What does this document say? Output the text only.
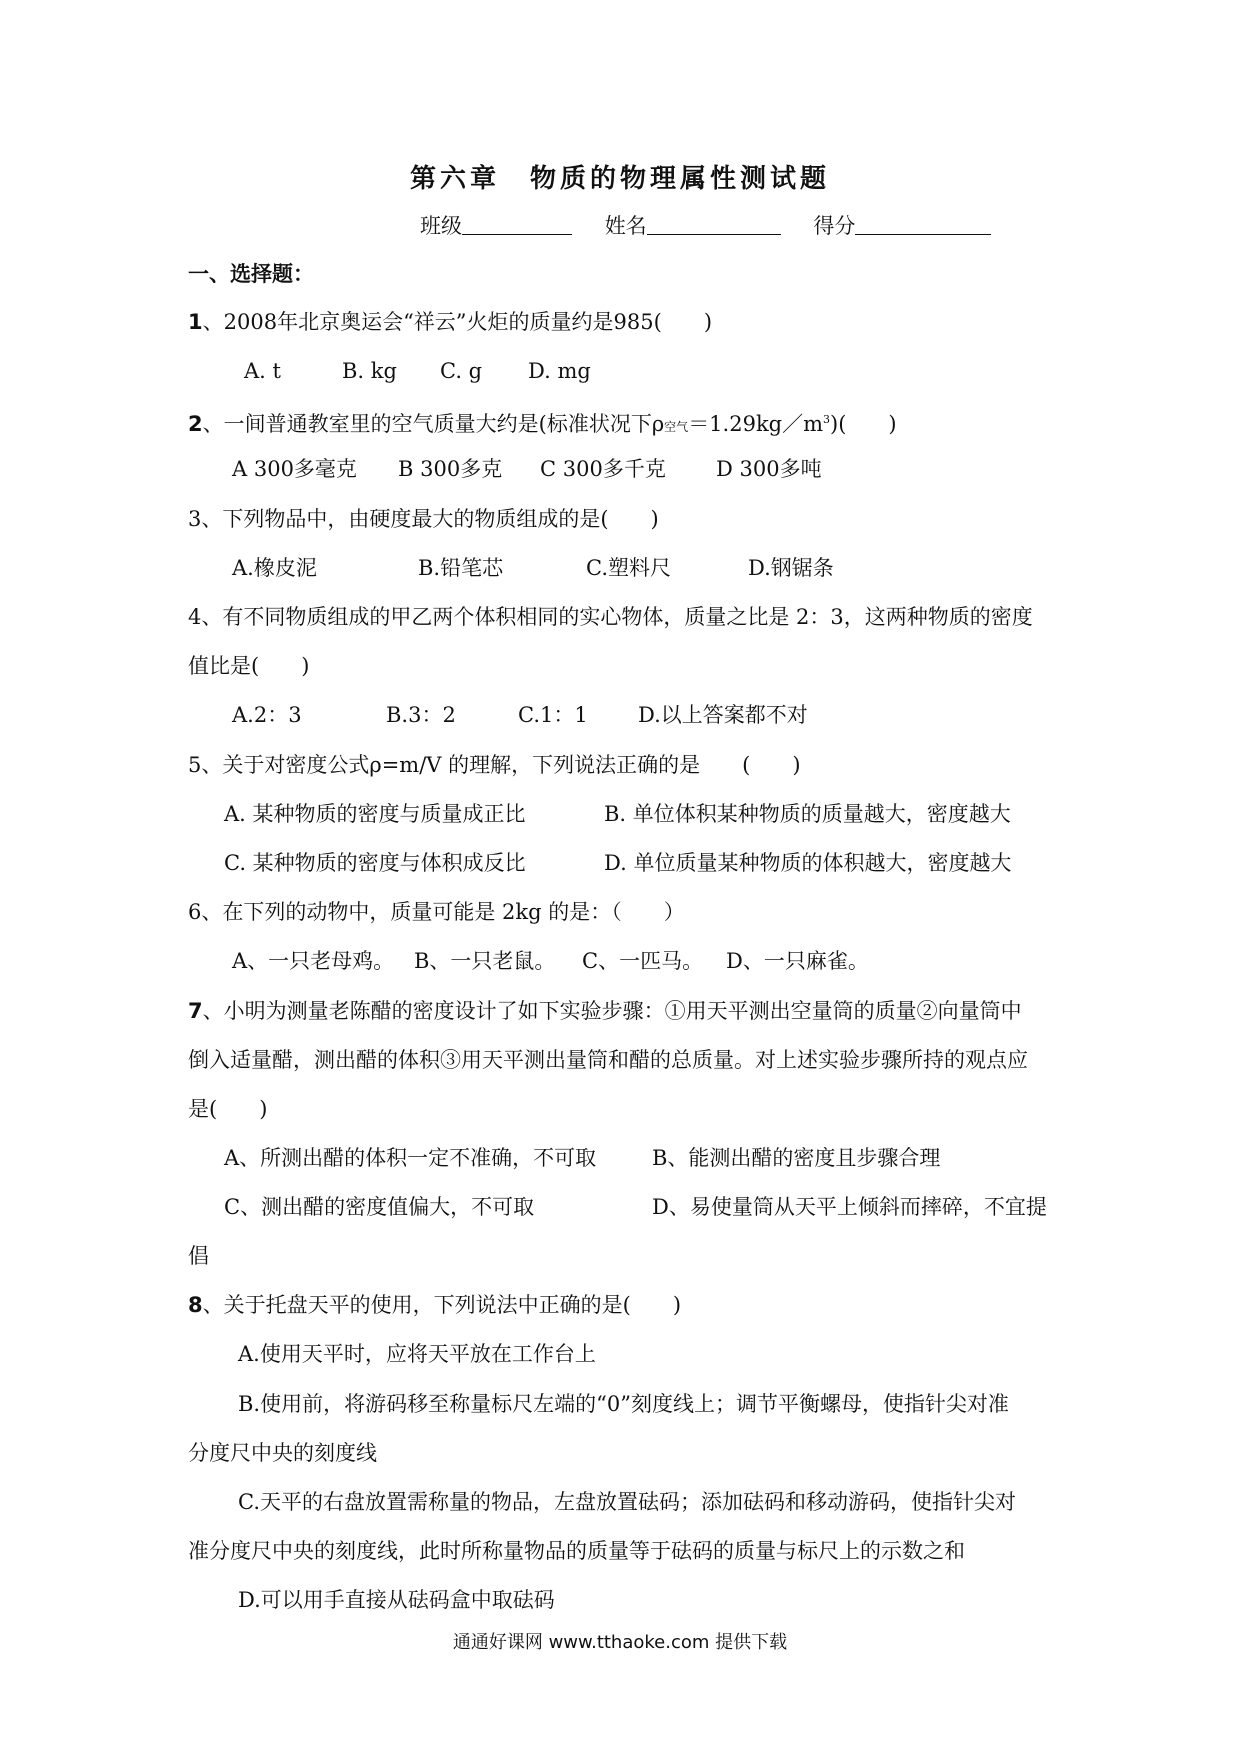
第六章　物质的物理属性测试题
班级	姓名	得分
一、选择题：
1、2008年北京奥运会“祥云”火炬的质量约是985(　　)
A. t	B. kg C. g D. mg
2、一间普通教室里的空气质量大约是(标准状况下ρ空气$=1.29kg/m^3$)(　　)
A 300多毫克 B 300多克 C 300多千克 D 300多吨
3、下列物品中，由硬度最大的物质组成的是(　　)
A.橡皮泥	B.铅笔芯	C.塑料尺	D.钢锯条
4、有不同物质组成的甲乙两个体积相同的实心物体，质量之比是 2：3，这两种物质的密度
值比是(　　)
A.2：3	B.3：2	C.1：1 D.以上答案都不对
5、关于对密度公式ρ=m/V 的理解，下列说法正确的是　　(　　)
A. 某种物质的密度与质量成正比	B. 单位体积某种物质的质量越大，密度越大
C. 某种物质的密度与体积成反比	D. 单位质量某种物质的体积越大，密度越大
6、在下列的动物中，质量可能是 2kg 的是：（　　）
A、一只老母鸡。 B、一只老鼠。 C、一匹马。 D、一只麻雀。
7、小明为测量老陈醋的密度设计了如下实验步骤：①用天平测出空量筒的质量②向量筒中
倒入适量醋，测出醋的体积③用天平测出量筒和醋的总质量。对上述实验步骤所持的观点应
是(　　)
A、所测出醋的体积一定不准确，不可取	B、能测出醋的密度且步骤合理
C、测出醋的密度值偏大，不可取	D、易使量筒从天平上倾斜而摔碎，不宜提
倡
8、关于托盘天平的使用，下列说法中正确的是(　　)
A.使用天平时，应将天平放在工作台上
B.使用前，将游码移至称量标尺左端的“0”刻度线上；调节平衡螺母，使指针尖对准
分度尺中央的刻度线
C.天平的右盘放置需称量的物品，左盘放置砝码；添加砝码和移动游码，使指针尖对
准分度尺中央的刻度线，此时所称量物品的质量等于砝码的质量与标尺上的示数之和
D.可以用手直接从砝码盒中取砝码
通通好课网 www.tthaoke.com 提供下载
